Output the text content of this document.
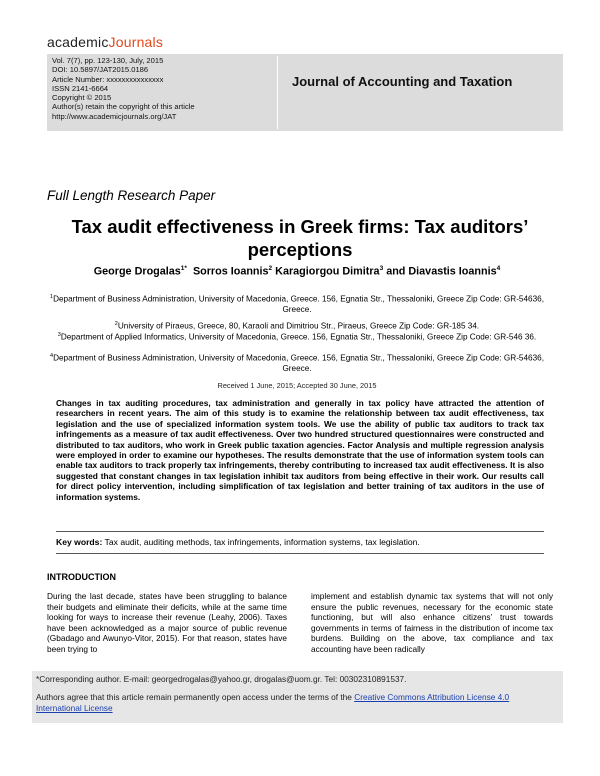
academicJournals
Vol. 7(7), pp. 123-130, July, 2015
DOI: 10.5897/JAT2015.0186
Article Number: xxxxxxxxxxxxxxx
ISSN 2141-6664
Copyright © 2015
Author(s) retain the copyright of this article
http://www.academicjournals.org/JAT
Journal of Accounting and Taxation
Full Length Research Paper
Tax audit effectiveness in Greek firms: Tax auditors’ perceptions
George Drogalas$^{1*}$ Sorros Ioannis$^2$ Karagiorgou Dimitra$^3$ and Diavastis Ioannis$^4$
$^1$Department of Business Administration, University of Macedonia, Greece. 156, Egnatia Str., Thessaloniki, Greece Zip Code: GR-54636, Greece.
$^2$University of Piraeus, Greece, 80, Karaoli and Dimitriou Str., Piraeus, Greece Zip Code: GR-185 34.
$^3$Department of Applied Informatics, University of Macedonia, Greece. 156, Egnatia Str., Thessaloniki, Greece Zip Code: GR-546 36.
$^4$Department of Business Administration, University of Macedonia, Greece. 156, Egnatia Str., Thessaloniki, Greece Zip Code: GR-54636, Greece.
Received 1 June, 2015; Accepted 30 June, 2015
Changes in tax auditing procedures, tax administration and generally in tax policy have attracted the attention of researchers in recent years. The aim of this study is to examine the relationship between tax audit effectiveness, tax legislation and the use of specialized information system tools. We use the ability of public tax auditors to track tax infringements as a measure of tax audit effectiveness. Over two hundred structured questionnaires were constructed and distributed to tax auditors, who work in Greek public taxation agencies. Factor Analysis and multiple regression analysis were employed in order to examine our hypotheses. The results demonstrate that the use of information system tools can enable tax auditors to track properly tax infringements, thereby contributing to increased tax audit effectiveness. It is also suggested that constant changes in tax legislation inhibit tax auditors from being effective in their work. Our results call for direct policy intervention, including simplification of tax legislation and better training of tax auditors in the use of information systems.
Key words: Tax audit, auditing methods, tax infringements, information systems, tax legislation.
INTRODUCTION
During the last decade, states have been struggling to balance their budgets and eliminate their deficits, while at the same time looking for ways to increase their revenue (Leahy, 2006). Taxes have been acknowledged as a major source of public revenue (Gbadago and Awunyo-Vitor, 2015). For that reason, states have been trying to
implement and establish dynamic tax systems that will not only ensure the public revenues, necessary for the economic state functioning, but will also enhance citizens’ trust towards governments in terms of fairness in the distribution of income tax burdens. Building on the above, tax compliance and tax accounting have been radically
*Corresponding author. E-mail: georgedrogalas@yahoo.gr, drogalas@uom.gr. Tel: 00302310891537.
Authors agree that this article remain permanently open access under the terms of the Creative Commons Attribution License 4.0 International License
